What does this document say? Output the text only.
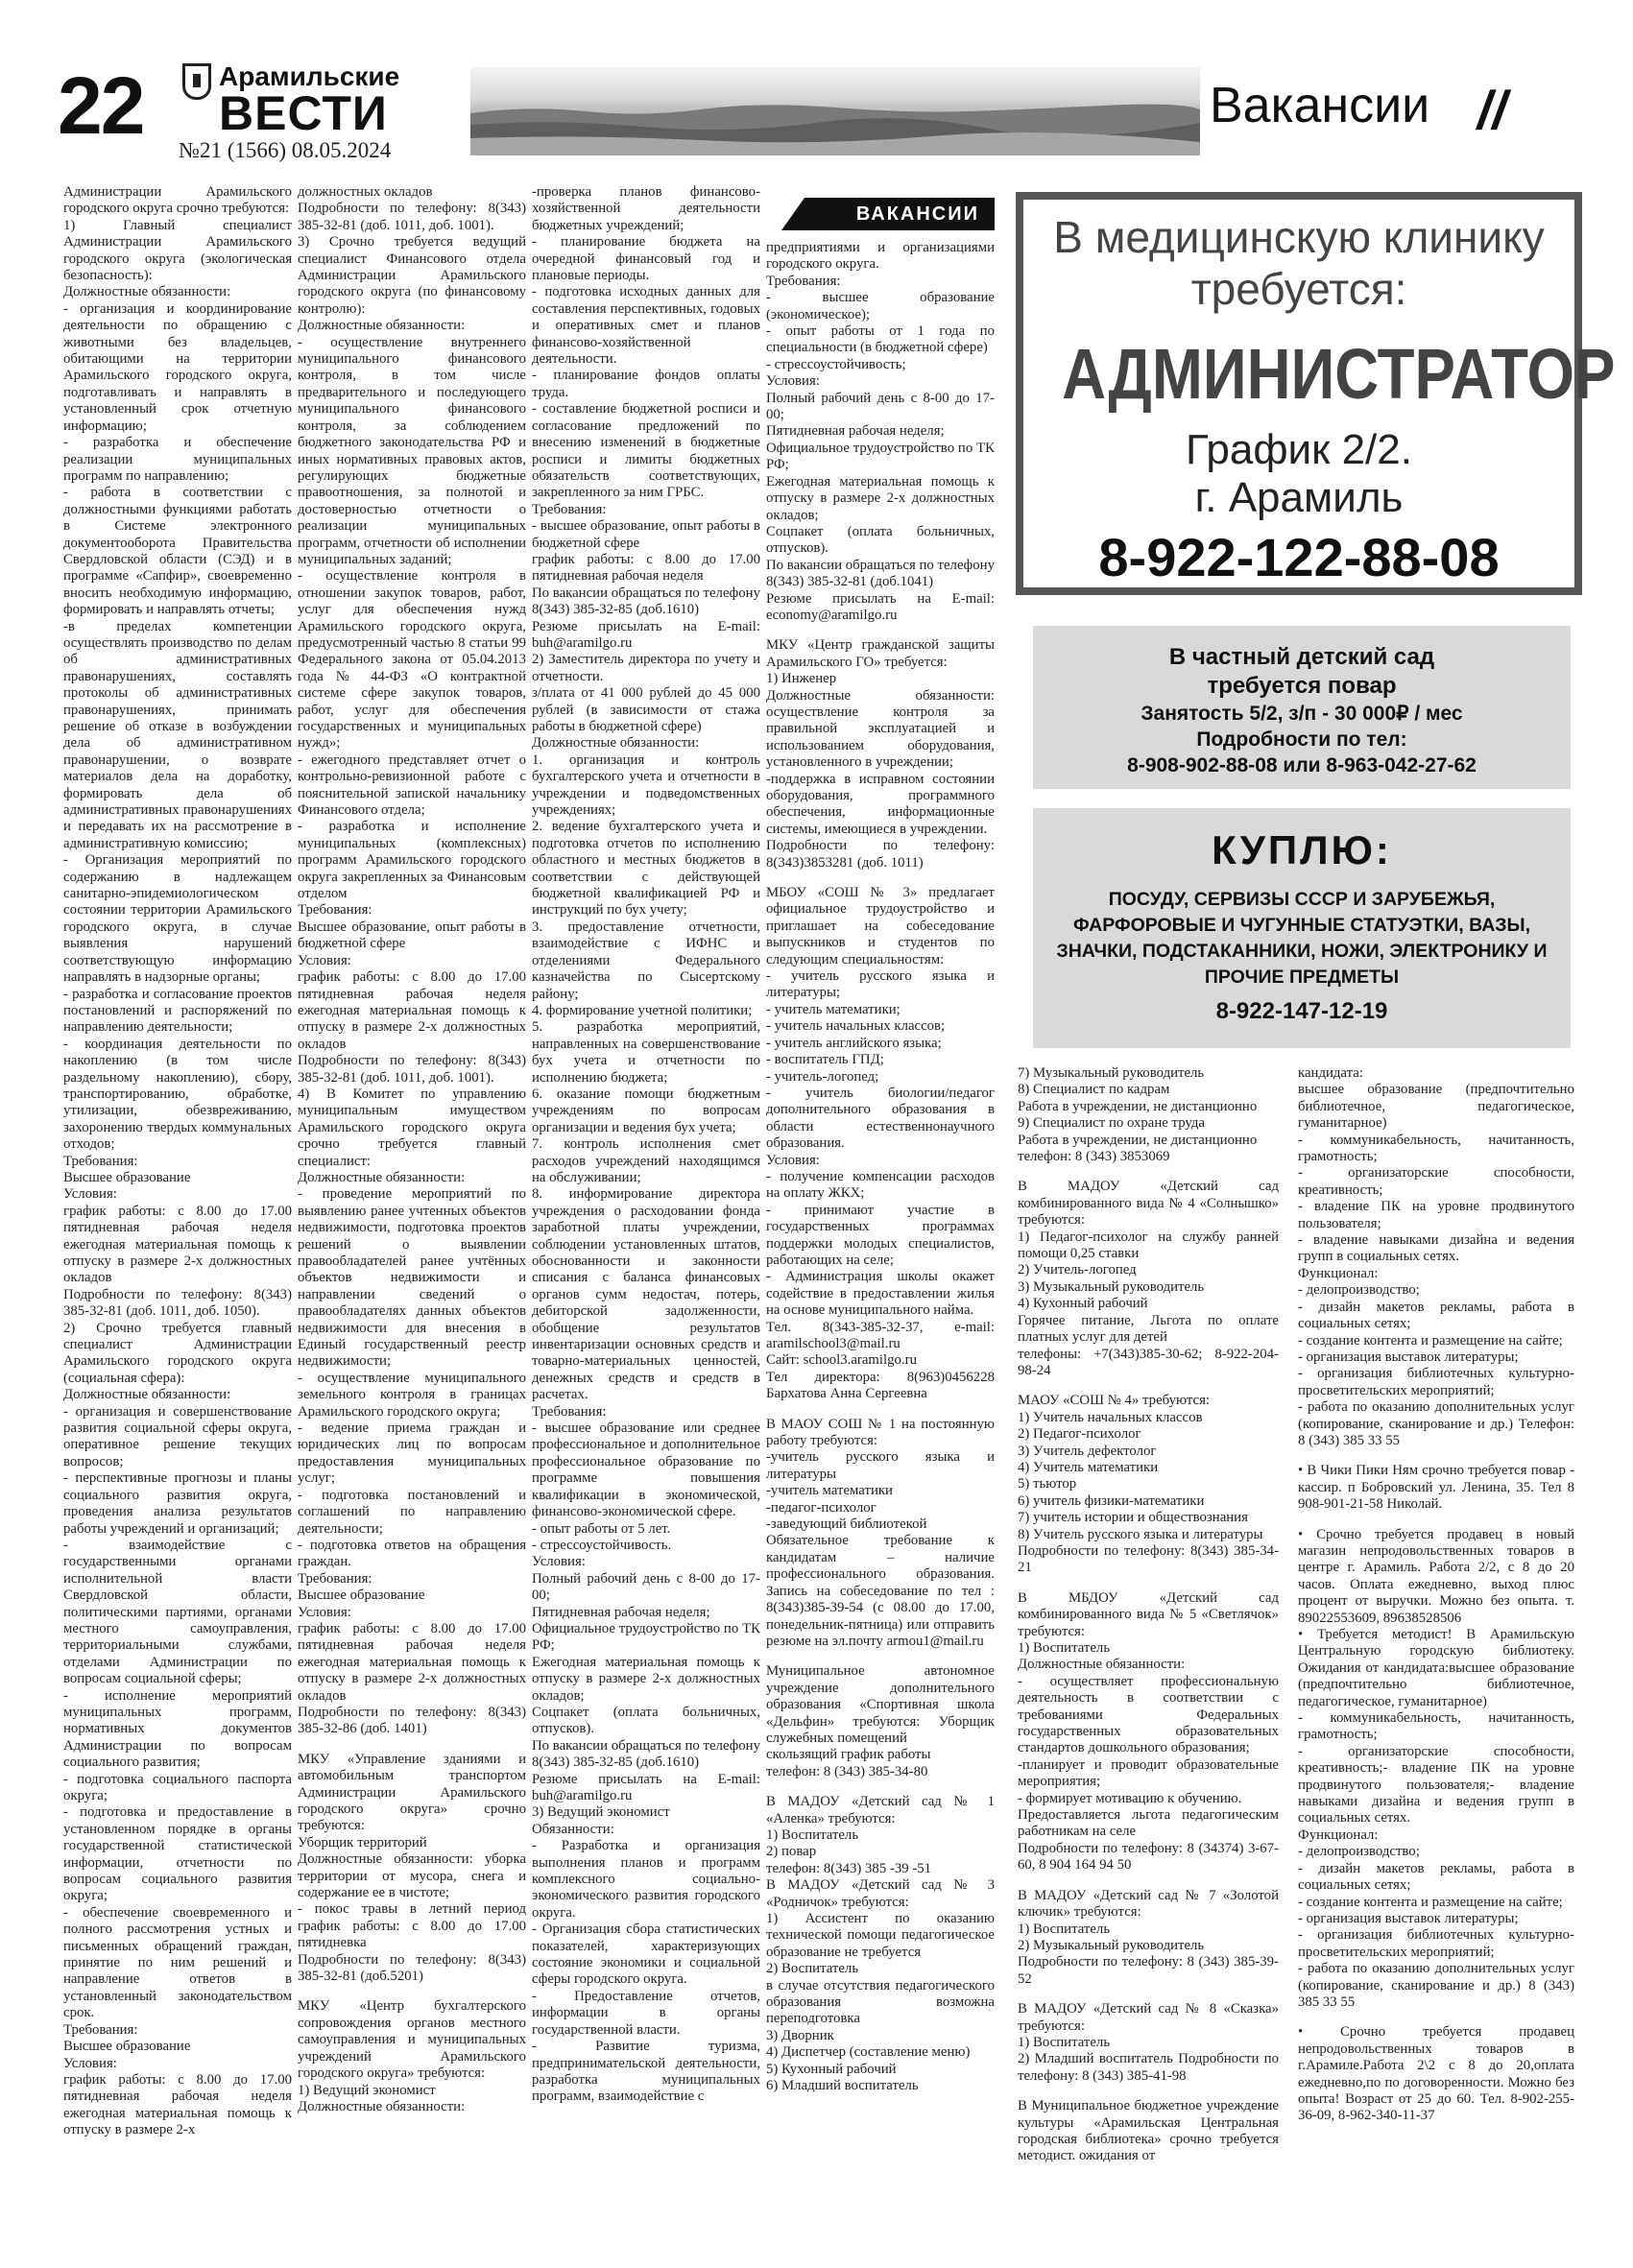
22	Арамильские
ВЕСТИ
№21 (1566) 08.05.2024
Вакансии //

Администрации Арамильского городского округа срочно требуются:

1) Главный специалист Администрации Арамильского городского округа (экологическая безопасность):

Должностные обязанности:

- организация и координирование деятельности по обращению с животными без владельцев, обитающими на территории Арамильского городского округа, подготавливать и направлять в установленный срок отчетную информацию;

- разработка и обеспечение реализации муниципальных программ по направлению;

- работа в соответствии с должностными функциями работать в Системе электронного документооборота Правительства Свердловской области (СЭД) и в программе «Сапфир», своевременно вносить необходимую информацию, формировать и направлять отчеты;

-в пределах компетенции осуществлять производство по делам об административных правонарушениях, составлять протоколы об административных правонарушениях, принимать решение об отказе в возбуждении дела об административном правонарушении, о возврате материалов дела на доработку, формировать дела об административных правонарушениях и передавать их на рассмотрение в административную комиссию;

- Организация мероприятий по содержанию в надлежащем санитарно-эпидемиологическом состоянии территории Арамильского городского округа, в случае выявления нарушений соответствующую информацию направлять в надзорные органы;

- разработка и согласование проектов постановлений и распоряжений по направлению деятельности;

- координация деятельности по накоплению (в том числе раздельному накоплению), сбору, транспортированию, обработке, утилизации, обезвреживанию, захоронению твердых коммунальных отходов;

Требования:

Высшее образование

Условия:

график работы: с 8.00 до 17.00 пятидневная рабочая неделя ежегодная материальная помощь к отпуску в размере 2-х должностных окладов

Подробности по телефону: 8(343) 385-32-81 (доб. 1011, доб. 1050).

2) Срочно требуется главный специалист Администрации Арамильского городского округа (социальная сфера):

Должностные обязанности:

- организация и совершенствование развития социальной сферы округа, оперативное решение текущих вопросов;

- перспективные прогнозы и планы социального развития округа, проведения анализа результатов работы учреждений и организаций;

- взаимодействие с государственными органами исполнительной власти Свердловской области, политическими партиями, органами местного самоуправления, территориальными службами, отделами Администрации по вопросам социальной сферы;

- исполнение мероприятий муниципальных программ, нормативных документов Администрации по вопросам социального развития;

- подготовка социального паспорта округа;

- подготовка и предоставление в установленном порядке в органы государственной статистической информации, отчетности по вопросам социального развития округа;

- обеспечение своевременного и полного рассмотрения устных и письменных обращений граждан, принятие по ним решений и направление ответов в установленный законодательством срок.

Требования:

Высшее образование

Условия:

график работы: с 8.00 до 17.00 пятидневная рабочая неделя ежегодная материальная помощь к отпуску в размере 2-х

должностных окладов

Подробности по телефону: 8(343) 385-32-81 (доб. 1011, доб. 1001).

3) Срочно требуется ведущий специалист Финансового отдела Администрации Арамильского городского округа (по финансовому контролю):

Должностные обязанности:

- осуществление внутреннего муниципального финансового контроля, в том числе предварительного и последующего муниципального финансового контроля, за соблюдением бюджетного законодательства РФ и иных нормативных правовых актов, регулирующих бюджетные правоотношения, за полнотой и достоверностью отчетности о реализации муниципальных программ, отчетности об исполнении муниципальных заданий;

- осуществление контроля в отношении закупок товаров, работ, услуг для обеспечения нужд Арамильского городского округа, предусмотренный частью 8 статьи 99 Федерального закона от 05.04.2013 года № 44-ФЗ «О контрактной системе сфере закупок товаров, работ, услуг для обеспечения государственных и муниципальных нужд»;

- ежегодного представляет отчет о контрольно-ревизионной работе с пояснительной запиской начальнику Финансового отдела;

- разработка и исполнение муниципальных (комплексных) программ Арамильского городского округа закрепленных за Финансовым отделом

Требования:

Высшее образование, опыт работы в бюджетной сфере

Условия:

график работы: с 8.00 до 17.00 пятидневная рабочая неделя ежегодная материальная помощь к отпуску в размере 2-х должностных окладов

Подробности по телефону: 8(343) 385-32-81 (доб. 1011, доб. 1001).

4) В Комитет по управлению муниципальным имуществом Арамильского городского округа срочно требуется главный специалист:

Должностные обязанности:

- проведение мероприятий по выявлению ранее учтенных объектов недвижимости, подготовка проектов решений о выявлении правообладателей ранее учтённых объектов недвижимости и направлении сведений о правообладателях данных объектов недвижимости для внесения в Единый государственный реестр недвижимости;

- осуществление муниципального земельного контроля в границах Арамильского городского округа;

- ведение приема граждан и юридических лиц по вопросам предоставления муниципальных услуг;

- подготовка постановлений и соглашений по направлению деятельности;

- подготовка ответов на обращения граждан.

Требования:

Высшее образование

Условия:

график работы: с 8.00 до 17.00 пятидневная рабочая неделя ежегодная материальная помощь к отпуску в размере 2-х должностных окладов

Подробности по телефону: 8(343) 385-32-86 (доб. 1401)

МКУ «Управление зданиями и автомобильным транспортом Администрации Арамильского городского округа» срочно требуются:

Уборщик территорий

Должностные обязанности: уборка территории от мусора, снега и содержание ее в чистоте;

- покос травы в летний период график работы: с 8.00 до 17.00 пятидневка

Подробности по телефону: 8(343) 385-32-81 (доб.5201)

МКУ «Центр бухгалтерского сопровождения органов местного самоуправления и муниципальных учреждений Арамильского городского округа» требуются:

1) Ведущий экономист

Должностные обязанности:

-проверка планов финансово-хозяйственной деятельности бюджетных учреждений;

- планирование бюджета на очередной финансовый год и плановые периоды.

- подготовка исходных данных для составления перспективных, годовых и оперативных смет и планов финансово-хозяйственной деятельности.

- планирование фондов оплаты труда.

- составление бюджетной росписи и согласование предложений по внесению изменений в бюджетные росписи и лимиты бюджетных обязательств соответствующих, закрепленного за ним ГРБС.

Требования:

- высшее образование, опыт работы в бюджетной сфере

график работы: с 8.00 до 17.00 пятидневная рабочая неделя

По вакансии обращаться по телефону 8(343) 385-32-85 (доб.1610)

Резюме присылать на E-mail: buh@aramilgo.ru

2) Заместитель директора по учету и отчетности.

з/плата от 41 000 рублей до 45 000 рублей (в зависимости от стажа работы в бюджетной сфере)

Должностные обязанности:

1. организация и контроль бухгалтерского учета и отчетности в учреждении и подведомственных учреждениях;

2. ведение бухгалтерского учета и подготовка отчетов по исполнению областного и местных бюджетов в соответствии с действующей бюджетной квалификацией РФ и инструкций по бух учету;

3. предоставление отчетности, взаимодействие с ИФНС и отделениями Федерального казначейства по Сысертскому району;

4. формирование учетной политики;

5. разработка мероприятий, направленных на совершенствование бух учета и отчетности по исполнению бюджета;

6. оказание помощи бюджетным учреждениям по вопросам организации и ведения бух учета;

7. контроль исполнения смет расходов учреждений находящимся на обслуживании;

8. информирование директора учреждения о расходовании фонда заработной платы учреждении, соблюдении установленных штатов, обоснованности и законности списания с баланса финансовых органов сумм недостач, потерь, дебиторской задолженности, обобщение результатов инвентаризации основных средств и товарно-материальных ценностей, денежных средств и средств в расчетах.

Требования:

- высшее образование или среднее профессиональное и дополнительное профессиональное образование по программе повышения квалификации в экономической, финансово-экономической сфере.

- опыт работы от 5 лет.

- стрессоустойчивость.

Условия:

Полный рабочий день с 8-00 до 17-00;

Пятидневная рабочая неделя;

Официальное трудоустройство по ТК РФ;

Ежегодная материальная помощь к отпуску в размере 2-х должностных окладов;

Соцпакет (оплата больничных, отпусков).

По вакансии обращаться по телефону 8(343) 385-32-85 (доб.1610)

Резюме присылать на E-mail: buh@aramilgo.ru

3) Ведущий экономист

Обязанности:

- Разработка и организация выполнения планов и программ комплексного социально-экономического развития городского округа.

- Организация сбора статистических показателей, характеризующих состояние экономики и социальной сферы городского округа.

- Предоставление отчетов, информации в органы государственной власти.

- Развитие туризма, предпринимательской деятельности, разработка муниципальных программ, взаимодействие с

ВАКАНСИИ

предприятиями и организациями городского округа.

Требования:

- высшее образование (экономическое);

- опыт работы от 1 года по специальности (в бюджетной сфере)

- стрессоустойчивость;

Условия:

Полный рабочий день с 8-00 до 17-00;

Пятидневная рабочая неделя;

Официальное трудоустройство по ТК РФ;

Ежегодная материальная помощь к отпуску в размере 2-х должностных окладов;

Соцпакет (оплата больничных, отпусков).

По вакансии обращаться по телефону 8(343) 385-32-81 (доб.1041)

Резюме присылать на E-mail: economy@aramilgo.ru

МКУ «Центр гражданской защиты Арамильского ГО» требуется:

1) Инженер

Должностные обязанности: осуществление контроля за правильной эксплуатацией и использованием оборудования, установленного в учреждении;

-поддержка в исправном состоянии оборудования, программного обеспечения, информационные системы, имеющиеся в учреждении.

Подробности по телефону: 8(343)3853281 (доб. 1011)

МБОУ «СОШ № 3» предлагает официальное трудоустройство и приглашает на собеседование выпускников и студентов по следующим специальностям:

- учитель русского языка и литературы;

- учитель математики;

- учитель начальных классов;

- учитель английского языка;

- воспитатель ГПД;

- учитель-логопед;

- учитель биологии/педагог дополнительного образования в области естественнонаучного образования.

Условия:

- получение компенсации расходов на оплату ЖКХ;

- принимают участие в государственных программах поддержки молодых специалистов, работающих на селе;

- Администрация школы окажет содействие в предоставлении жилья на основе муниципального найма.

Тел. 8(343-385-32-37, e-mail: aramilschool3@mail.ru

Сайт: school3.aramilgo.ru

Тел директора: 8(963)0456228 Бархатова Анна Сергеевна

В МАОУ СОШ № 1 на постоянную работу требуются:

-учитель русского языка и литературы

-учитель математики

-педагог-психолог

-заведующий библиотекой

Обязательное требование к кандидатам – наличие профессионального образования. Запись на собеседование по тел : 8(343)385-39-54 (с 08.00 до 17.00, понедельник-пятница) или отправить резюме на эл.почту armou1@mail.ru

Муниципальное автономное учреждение дополнительного образования «Спортивная школа «Дельфин» требуются: Уборщик служебных помещений

скользящий график работы

телефон: 8 (343) 385-34-80

В МАДОУ «Детский сад № 1 «Аленка» требуются:

1) Воспитатель

2) повар

телефон: 8(343) 385 -39 -51

В МАДОУ «Детский сад № 3 «Родничок» требуются:

1) Ассистент по оказанию технической помощи педагогическое образование не требуется

2) Воспитатель

в случае отсутствия педагогического образования возможна переподготовка

3) Дворник

4) Диспетчер (составление меню)

5) Кухонный рабочий

6) Младший воспитатель

В медицинскую клинику
требуется:
АДМИНИСТРАТОР
График 2/2.
г. Арамиль
8-922-122-88-08
В частный детский сад
требуется повар
Занятость 5/2, з/п - 30 000₽ / мес
Подробности по тел:
8-908-902-88-08 или 8-963-042-27-62
КУПЛЮ:
ПОСУДУ, СЕРВИЗЫ СССР И ЗАРУБЕЖЬЯ, ФАРФОРОВЫЕ И ЧУГУННЫЕ СТАТУЭТКИ, ВАЗЫ, ЗНАЧКИ, ПОДСТАКАННИКИ, НОЖИ, ЭЛЕКТРОНИКУ И ПРОЧИЕ ПРЕДМЕТЫ
8-922-147-12-19

7) Музыкальный руководитель

8) Специалист по кадрам

Работа в учреждении, не дистанционно

9) Специалист по охране труда

Работа в учреждении, не дистанционно

телефон: 8 (343) 3853069

В МАДОУ «Детский сад комбинированного вида № 4 «Солнышко» требуются:

1) Педагог-психолог на службу ранней помощи 0,25 ставки

2) Учитель-логопед

3) Музыкальный руководитель

4) Кухонный рабочий

Горячее питание, Льгота по оплате платных услуг для детей

телефоны: +7(343)385-30-62; 8-922-204-98-24

МАОУ «СОШ № 4» требуются:

1) Учитель начальных классов

2) Педагог-психолог

3) Учитель дефектолог

4) Учитель математики

5) тьютор

6) учитель физики-математики

7) учитель истории и обществознания

8) Учитель русского языка и литературы

Подробности по телефону: 8(343) 385-34-21

В МБДОУ «Детский сад комбинированного вида № 5 «Светлячок» требуются:

1) Воспитатель

Должностные обязанности:

- осуществляет профессиональную деятельность в соответствии с требованиями Федеральных государственных образовательных стандартов дошкольного образования;

-планирует и проводит образовательные мероприятия;

- формирует мотивацию к обучению.

Предоставляется льгота педагогическим работникам на селе

Подробности по телефону: 8 (34374) 3-67-60, 8 904 164 94 50

В МАДОУ «Детский сад № 7 «Золотой ключик» требуются:

1) Воспитатель

2) Музыкальный руководитель

Подробности по телефону: 8 (343) 385-39-52

В МАДОУ «Детский сад № 8 «Сказка» требуются:

1) Воспитатель

2) Младший воспитатель Подробности по телефону: 8 (343) 385-41-98

В Муниципальное бюджетное учреждение культуры «Арамильская Центральная городская библиотека» срочно требуется методист. ожидания от

кандидата:

высшее образование (предпочтительно библиотечное, педагогическое, гуманитарное)

- коммуникабельность, начитанность, грамотность;

- организаторские способности, креативность;

- владение ПК на уровне продвинутого пользователя;

- владение навыками дизайна и ведения групп в социальных сетях.

Функционал:

- делопроизводство;

- дизайн макетов рекламы, работа в социальных сетях;

- создание контента и размещение на сайте;

- организация выставок литературы;

- организация библиотечных культурно-просветительских мероприятий;

- работа по оказанию дополнительных услуг (копирование, сканирование и др.) Телефон: 8 (343) 385 33 55

• В Чики Пики Ням срочно требуется повар - кассир. п Бобровский ул. Ленина, 35. Тел 8 908-901-21-58 Николай.

• Срочно требуется продавец в новый магазин непродовольственных товаров в центре г. Арамиль. Работа 2/2, с 8 до 20 часов. Оплата ежедневно, выход плюс процент от выручки. Можно без опыта. т. 89022553609, 89638528506

• Требуется методист! В Арамильскую Центральную городскую библиотеку. Ожидания от кандидата:высшее образование (предпочтительно библиотечное, педагогическое, гуманитарное)

- коммуникабельность, начитанность, грамотность;

- организаторские способности, креативность;- владение ПК на уровне продвинутого пользователя;- владение навыками дизайна и ведения групп в социальных сетях.

Функционал:

- делопроизводство;

- дизайн макетов рекламы, работа в социальных сетях;

- создание контента и размещение на сайте;

- организация выставок литературы;

- организация библиотечных культурно-просветительских мероприятий;

- работа по оказанию дополнительных услуг (копирование, сканирование и др.) 8 (343) 385 33 55

• Срочно требуется продавец непродовольственных товаров в г.Арамиле.Работа 2\2 с 8 до 20,оплата ежедневно,по по договоренности. Можно без опыта! Возраст от 25 до 60. Тел. 8-902-255-36-09, 8-962-340-11-37
